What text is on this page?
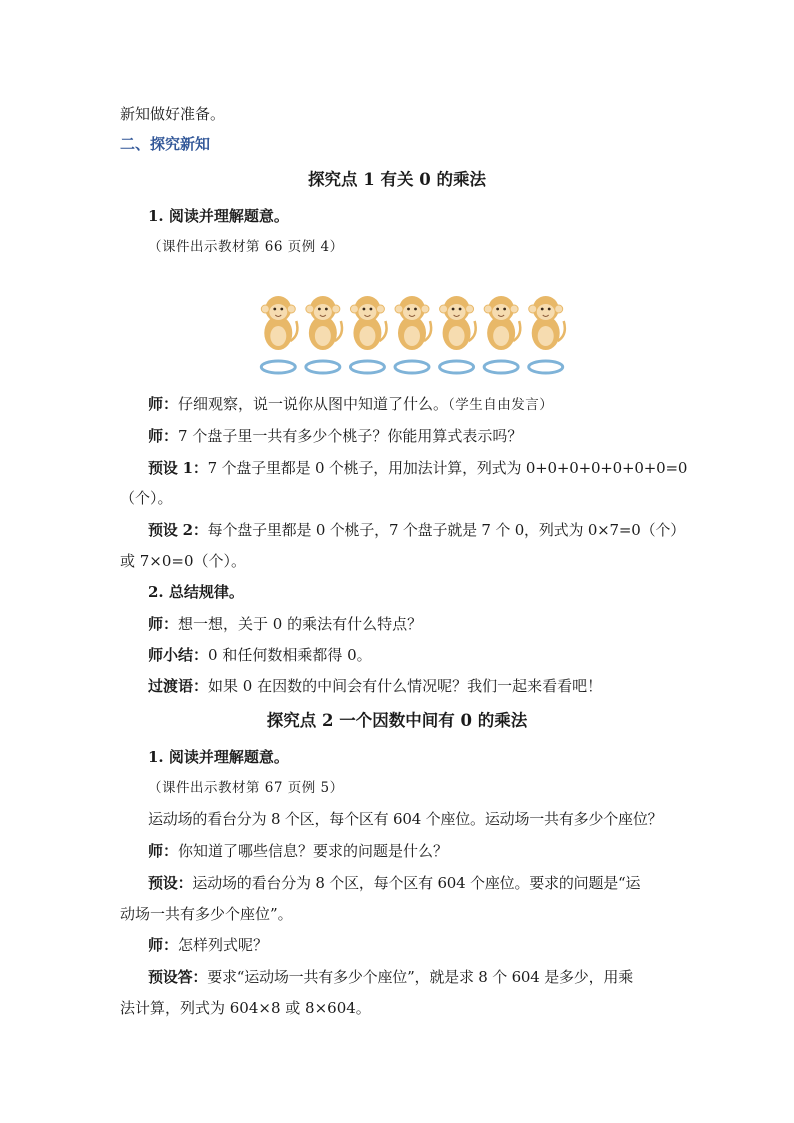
新知做好准备。
二、探究新知
探究点 1 有关 0 的乘法
1. 阅读并理解题意。
（课件出示教材第 66 页例 4）
师：仔细观察，说一说你从图中知道了什么。（学生自由发言）
师：7 个盘子里一共有多少个桃子？你能用算式表示吗？
预设 1：7 个盘子里都是 0 个桃子，用加法计算，列式为 0+0+0+0+0+0+0=0
（个）。
预设 2：每个盘子里都是 0 个桃子，7 个盘子就是 7 个 0，列式为 0×7=0（个）
或 7×0=0（个）。
2. 总结规律。
师：想一想，关于 0 的乘法有什么特点？
师小结：0 和任何数相乘都得 0。
过渡语：如果 0 在因数的中间会有什么情况呢？我们一起来看看吧！
探究点 2 一个因数中间有 0 的乘法
1. 阅读并理解题意。
（课件出示教材第 67 页例 5）
运动场的看台分为 8 个区，每个区有 604 个座位。运动场一共有多少个座位？
师：你知道了哪些信息？要求的问题是什么？
预设：运动场的看台分为 8 个区，每个区有 604 个座位。要求的问题是“运
动场一共有多少个座位”。
师：怎样列式呢？
预设答：要求“运动场一共有多少个座位”，就是求 8 个 604 是多少，用乘
法计算，列式为 604×8 或 8×604。
